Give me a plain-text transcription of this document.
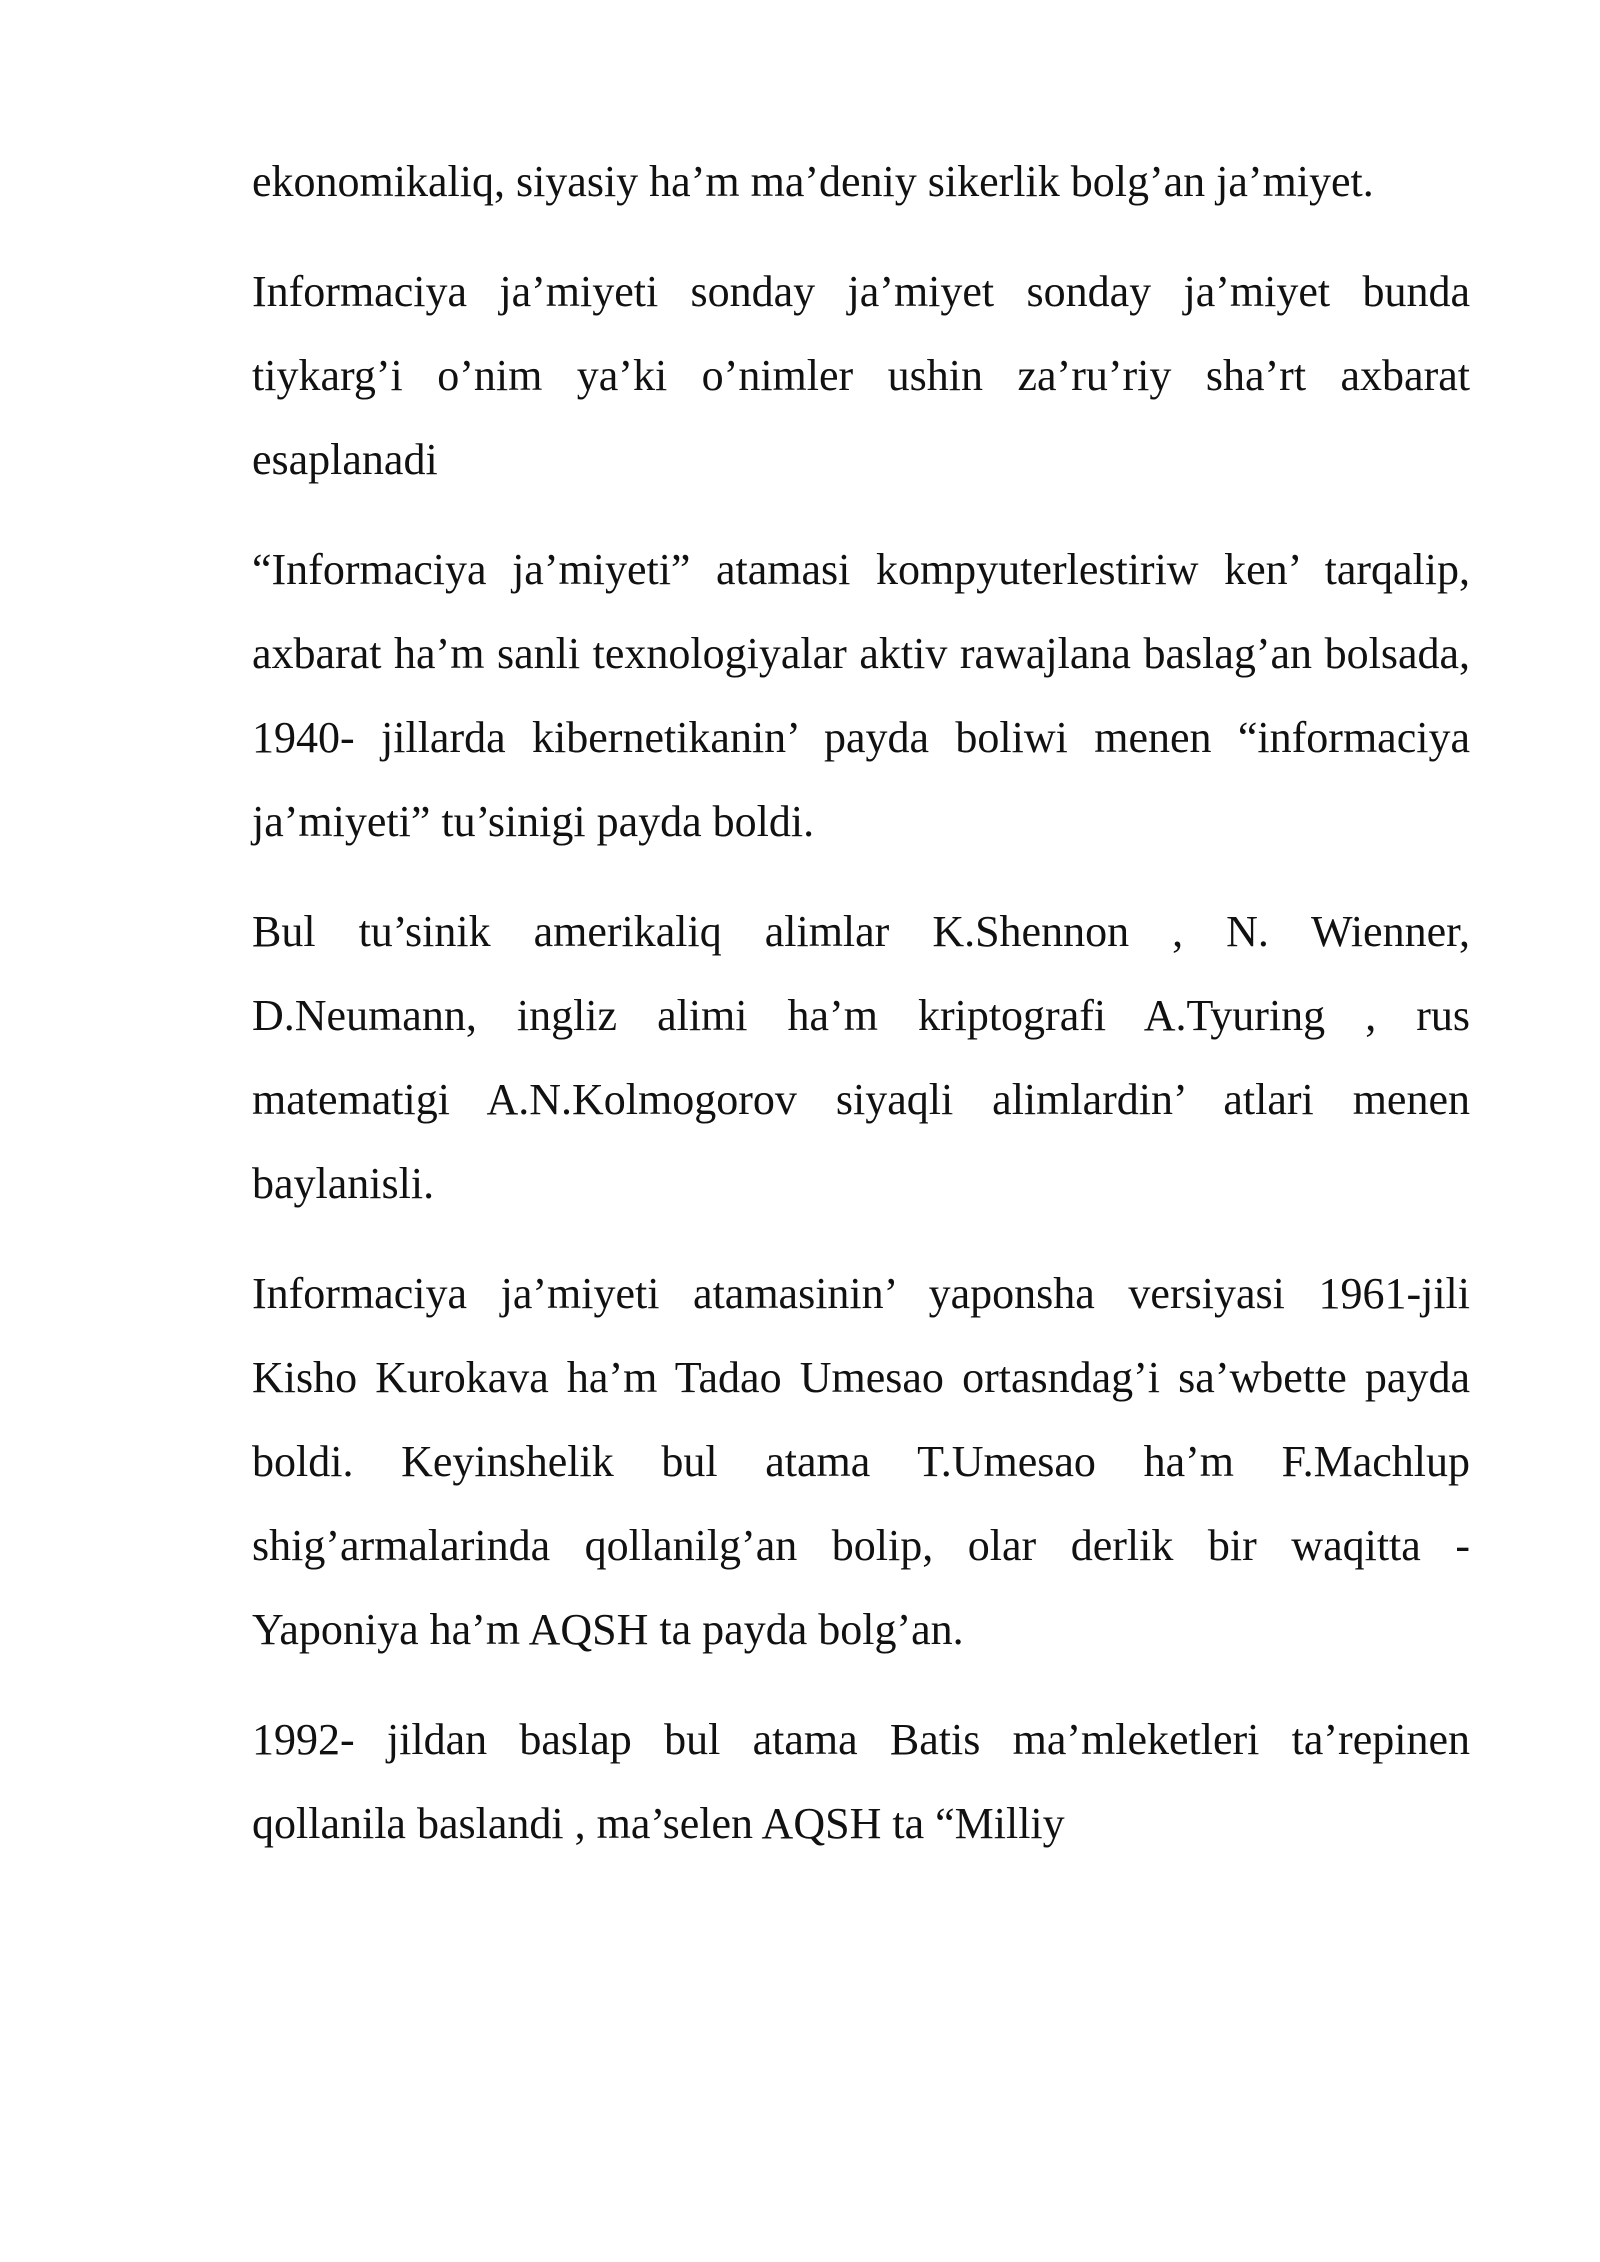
ekonomikaliq, siyasiy ha’m ma’deniy sikerlik bolg’an ja’miyet.

Informaciya ja’miyeti sonday ja’miyet sonday ja’miyet bunda tiykarg’i o’nim ya’ki o’nimler ushin za’ru’riy sha’rt axbarat esaplanadi

“Informaciya ja’miyeti” atamasi kompyuterlestiriw ken’ tarqalip, axbarat ha’m sanli texnologiyalar aktiv rawajlana baslag’an bolsada, 1940- jillarda kibernetikanin’ payda boliwi menen “informaciya ja’miyeti” tu’sinigi payda boldi.

Bul tu’sinik amerikaliq alimlar K.Shennon , N. Wienner, D.Neumann, ingliz alimi ha’m kriptografi A.Tyuring , rus matematigi A.N.Kolmogorov siyaqli alimlardin’ atlari menen baylanisli.

Informaciya ja’miyeti atamasinin’ yaponsha versiyasi 1961-jili Kisho Kurokava ha’m Tadao Umesao ortasndag’i sa’wbette payda boldi. Keyinshelik bul atama T.Umesao ha’m F.Machlup shig’armalarinda qollanilg’an bolip, olar derlik bir waqitta - Yaponiya ha’m AQSH ta payda bolg’an.

1992- jildan baslap bul atama Batis ma’mleketleri ta’repinen qollanila baslandi , ma’selen AQSH ta “Milliy
